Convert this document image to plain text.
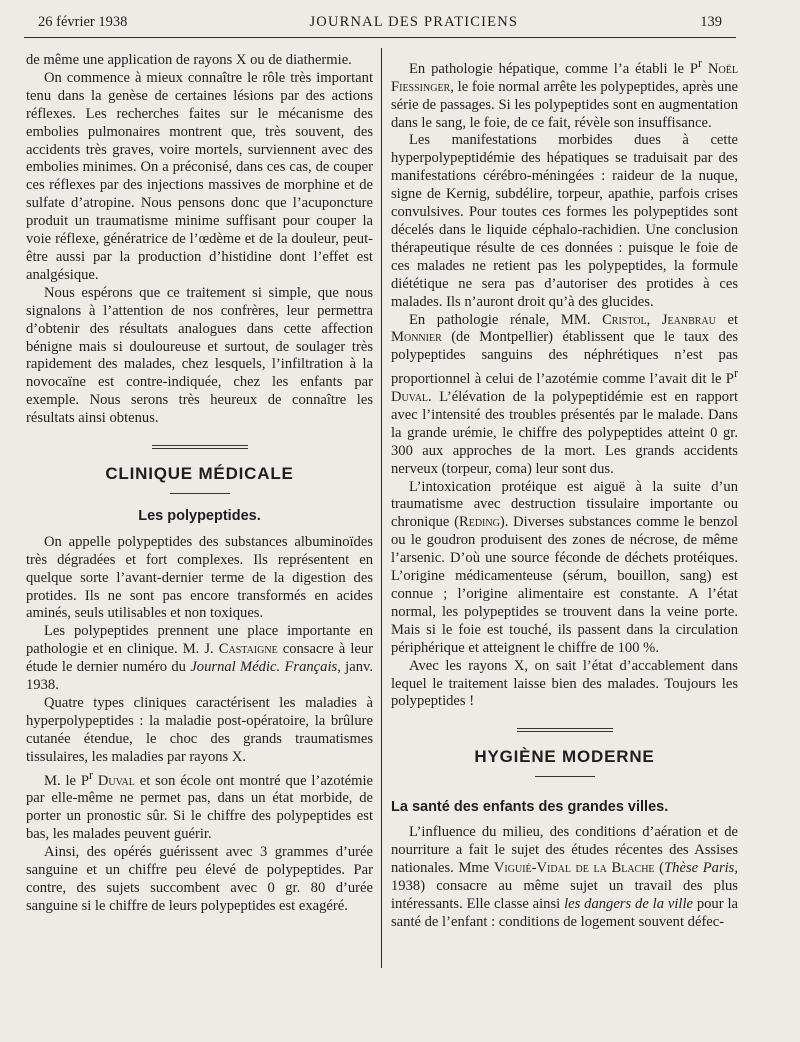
26 février 1938	JOURNAL DES PRATICIENS	139

de même une application de rayons X ou de diathermie.

On commence à mieux connaître le rôle très important tenu dans la genèse de certaines lésions par des actions réflexes. Les recherches faites sur le mécanisme des embolies pulmonaires montrent que, très souvent, des accidents très graves, voire mortels, surviennent avec des embolies minimes. On a préconisé, dans ces cas, de couper ces réflexes par des injections massives de morphine et de sulfate d’atropine. Nous pensons donc que l’acuponcture produit un traumatisme minime suffisant pour couper la voie réflexe, génératrice de l’œdème et de la douleur, peut-être aussi par la production d’histidine dont l’effet est analgésique.

Nous espérons que ce traitement si simple, que nous signalons à l’attention de nos confrères, leur permettra d’obtenir des résultats analogues dans cette affection bénigne mais si douloureuse et surtout, de soulager très rapidement des malades, chez lesquels, l’infiltration à la novocaïne est contre-indiquée, chez les enfants par exemple. Nous serons très heureux de connaître les résultats ainsi obtenus.

CLINIQUE MÉDICALE
Les polypeptides.

On appelle polypeptides des substances albuminoïdes très dégradées et fort complexes. Ils représentent en quelque sorte l’avant-dernier terme de la digestion des protides. Ils ne sont pas encore transformés en acides aminés, seuls utilisables et non toxiques.

Les polypeptides prennent une place importante en pathologie et en clinique. M. J.​ Castaigne consacre à leur étude le dernier numéro du Journal Médic. Français, janv. 1938.

Quatre types cliniques caractérisent les maladies à hyperpolypeptides : la maladie post-opératoire, la brûlure cutanée étendue, le choc des grands traumatismes tissulaires, les maladies par rayons X.

M. le $P^r$ Duval et son école ont montré que l’azotémie par elle-même ne permet pas, dans un état morbide, de porter un pronostic sûr. Si le chiffre des polypeptides est bas, les malades peuvent guérir.

Ainsi, des opérés guérissent avec 3 grammes d’urée sanguine et un chiffre peu élevé de polypeptides. Par contre, des sujets succombent avec 0 gr. 80 d’urée sanguine si le chiffre de leurs polypeptides est exagéré.

En pathologie hépatique, comme l’a établi le $P^r$ Noël Fiessinger, le foie normal arrête les polypeptides, après une série de passages. Si les polypeptides sont en augmentation dans le sang, le foie, de ce fait, révèle son insuffisance.

Les manifestations morbides dues à cette hyperpolypeptidémie des hépatiques se traduisait par des manifestations cérébro-méningées : raideur de la nuque, signe de Kernig, subdélire, torpeur, apathie, parfois crises convulsives. Pour toutes ces formes les polypeptides sont décelés dans le liquide céphalo-rachidien. Une conclusion thérapeutique résulte de ces données : puisque le foie de ces malades ne retient pas les polypeptides, la formule diététique ne sera pas d’autoriser des protides à ces malades. Ils n’auront droit qu’à des glucides.

En pathologie rénale, MM. Cristol, Jeanbrau et Monnier (de Montpellier) établissent que le taux des polypeptides sanguins des néphrétiques n’est pas proportionnel à celui de l’azotémie comme l’avait dit le $P^r$ Duval. L’élévation de la polypeptidémie est en rapport avec l’intensité des troubles présentés par le malade. Dans la grande urémie, le chiffre des polypeptides atteint 0 gr. 300 aux approches de la mort. Les grands accidents nerveux (torpeur, coma) leur sont dus.

L’intoxication protéique est aiguë à la suite d’un traumatisme avec destruction tissulaire importante ou chronique (Reding). Diverses substances comme le benzol ou le goudron produisent des zones de nécrose, de même l’arsenic. D’où une source féconde de déchets protéiques. L’origine médicamenteuse (sérum, bouillon, sang) est connue ; l’origine alimentaire est constante. A l’état normal, les polypeptides se trouvent dans la veine porte. Mais si le foie est touché, ils passent dans la circulation périphérique et atteignent le chiffre de 100 %.

Avec les rayons X, on sait l’état d’accablement dans lequel le traitement laisse bien des malades. Toujours les polypeptides !

HYGIÈNE MODERNE
La santé des enfants des grandes villes.

L’influence du milieu, des conditions d’aération et de nourriture a fait le sujet des études récentes des Assises nationales. Mme Viguié-Vidal de la Blache (Thèse Paris, 1938) consacre au même sujet un travail des plus intéressants. Elle classe ainsi les dangers de la ville pour la santé de l’enfant : conditions de logement souvent défec-
